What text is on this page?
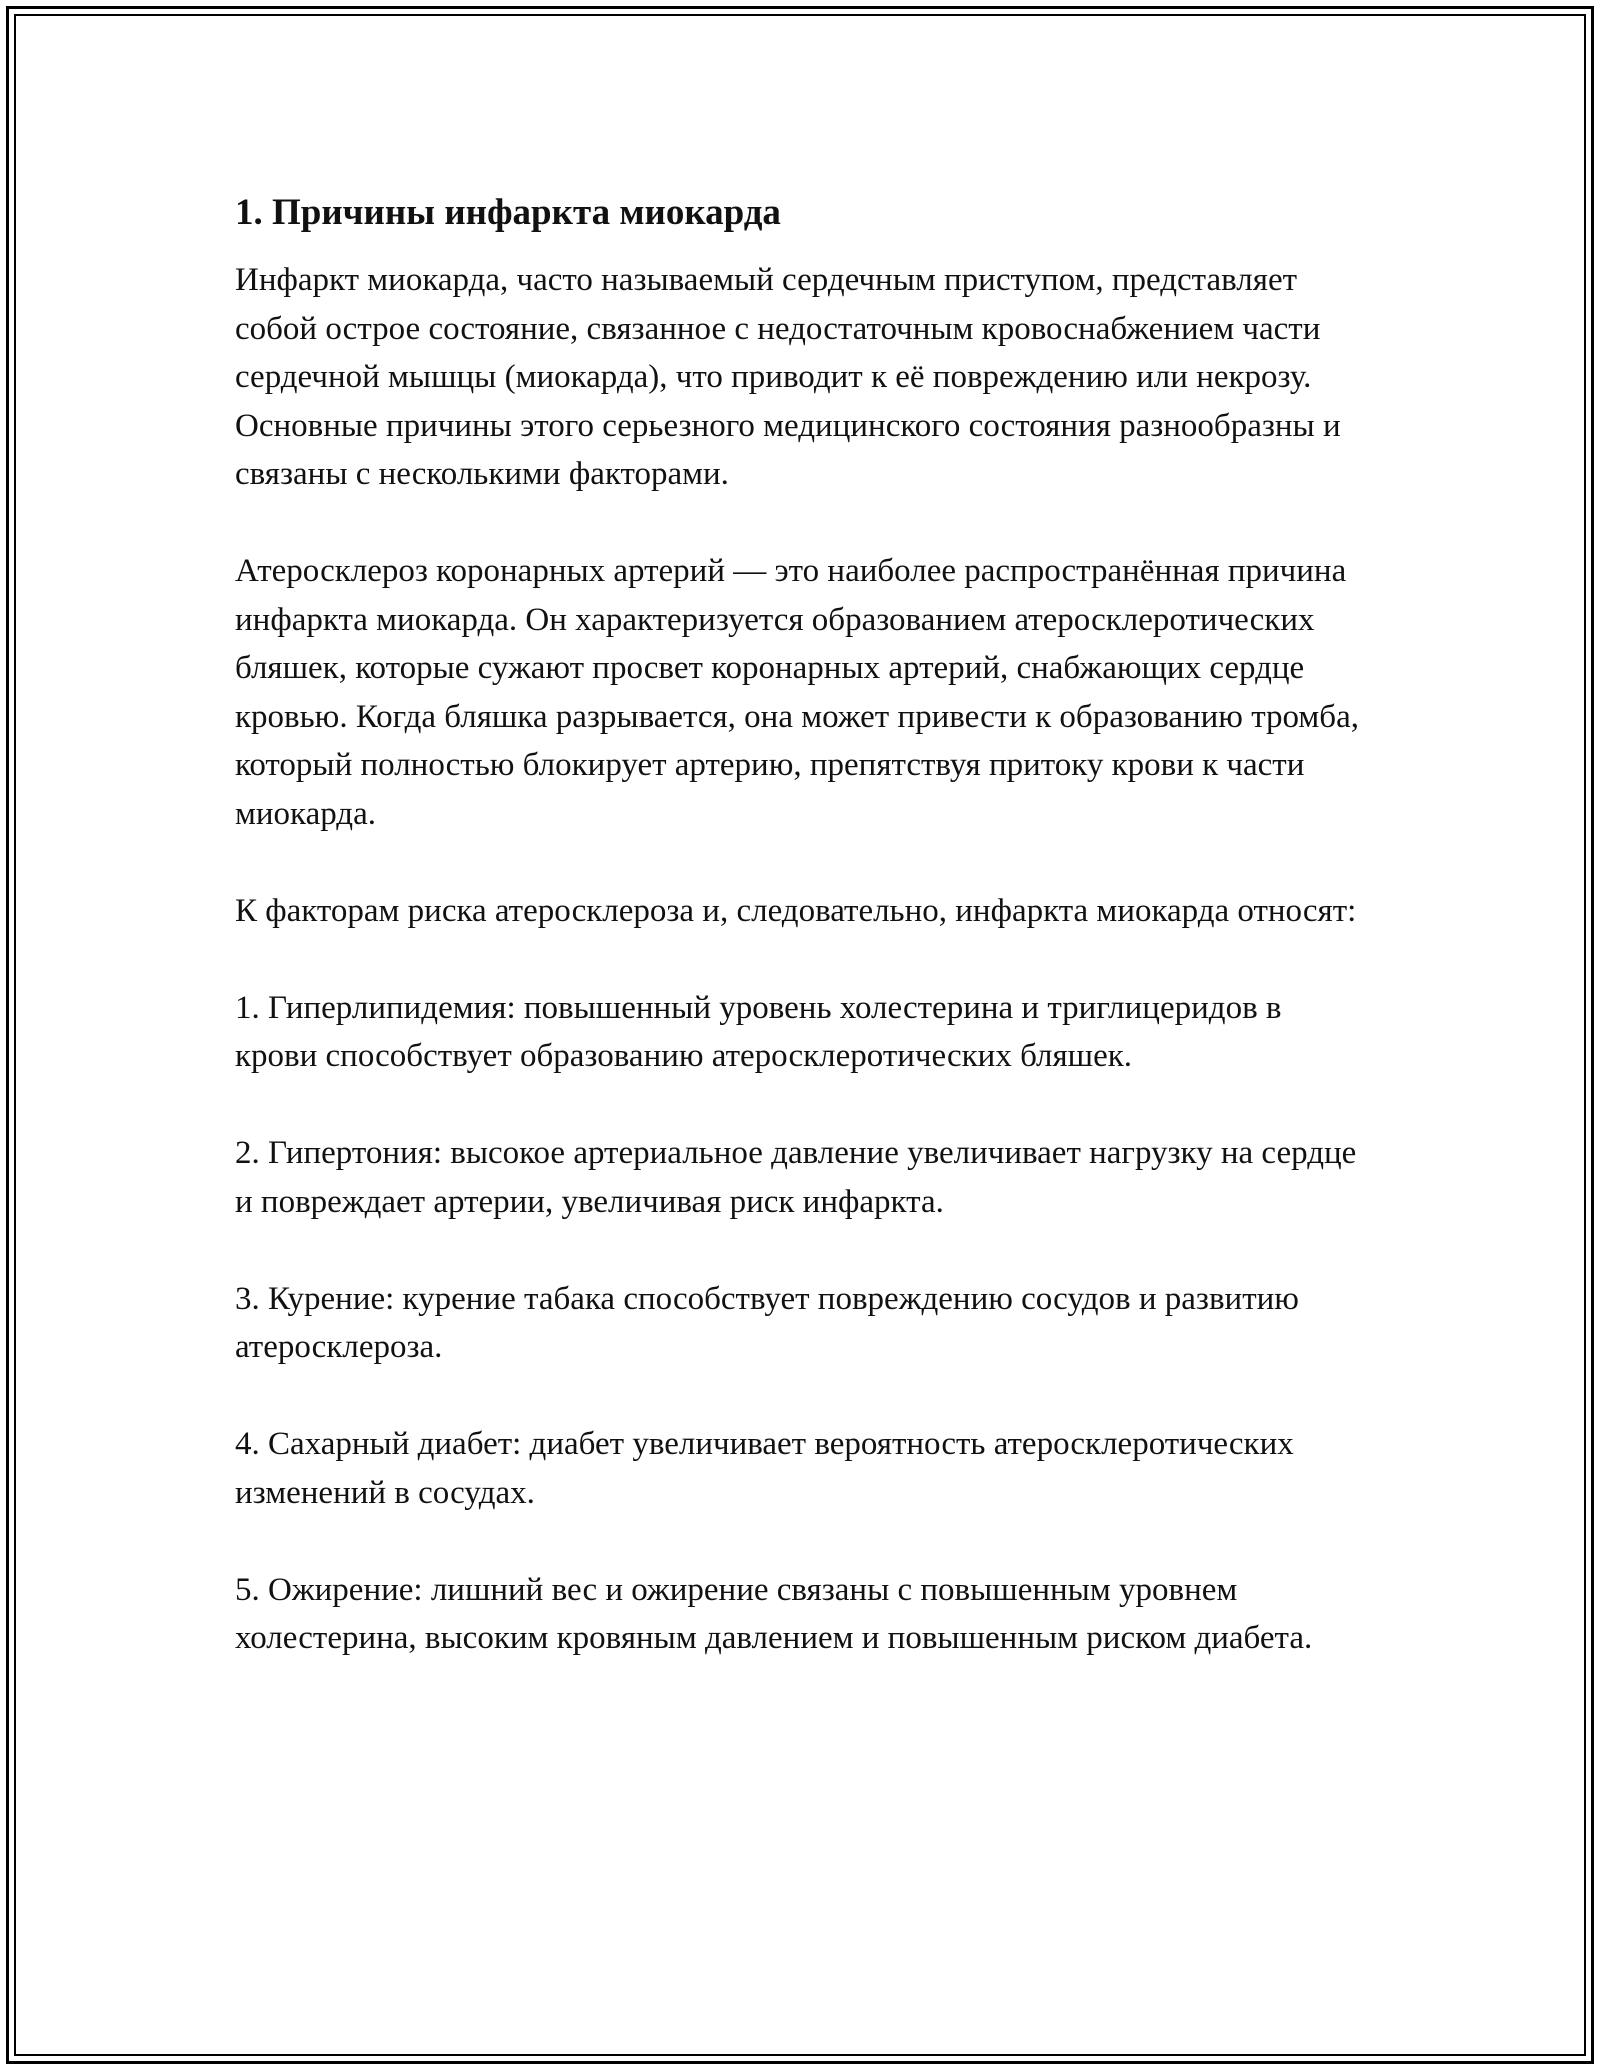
1. Причины инфаркта миокарда

Инфаркт миокарда, часто называемый сердечным приступом, представляет собой острое состояние, связанное с недостаточным кровоснабжением части сердечной мышцы (миокарда), что приводит к её повреждению или некрозу. Основные причины этого серьезного медицинского состояния разнообразны и связаны с несколькими факторами.

Атеросклероз коронарных артерий — это наиболее распространённая причина инфаркта миокарда. Он характеризуется образованием атеросклеротических бляшек, которые сужают просвет коронарных артерий, снабжающих сердце кровью. Когда бляшка разрывается, она может привести к образованию тромба, который полностью блокирует артерию, препятствуя притоку крови к части миокарда.

К факторам риска атеросклероза и, следовательно, инфаркта миокарда относят:

1. Гиперлипидемия: повышенный уровень холестерина и триглицеридов в крови способствует образованию атеросклеротических бляшек.

2. Гипертония: высокое артериальное давление увеличивает нагрузку на сердце и повреждает артерии, увеличивая риск инфаркта.

3. Курение: курение табака способствует повреждению сосудов и развитию атеросклероза.

4. Сахарный диабет: диабет увеличивает вероятность атеросклеротических изменений в сосудах.

5. Ожирение: лишний вес и ожирение связаны с повышенным уровнем холестерина, высоким кровяным давлением и повышенным риском диабета.
